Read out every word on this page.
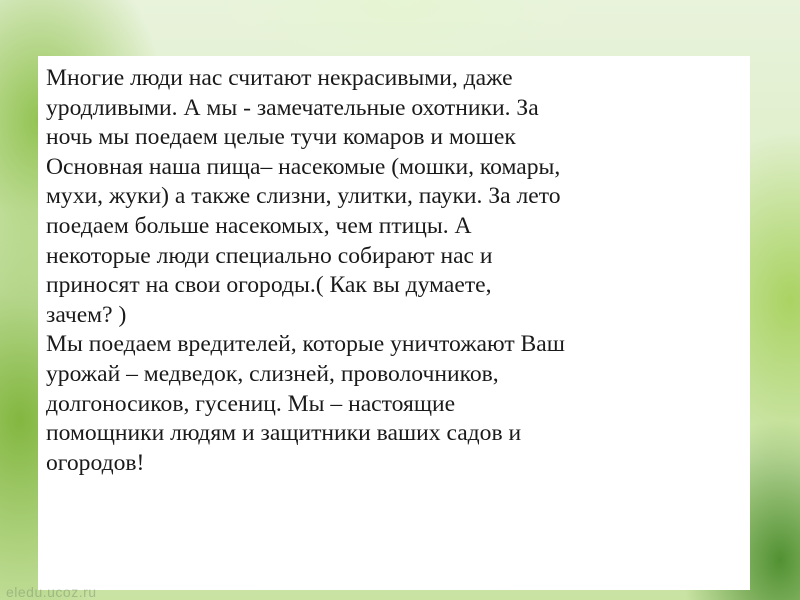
Многие люди нас считают некрасивыми, даже
уродливыми. А мы - замечательные охотники. За
ночь мы поедаем целые тучи комаров и мошек
Основная наша пища– насекомые (мошки, комары,
мухи, жуки) а также слизни, улитки, пауки. За лето
поедаем больше насекомых, чем птицы. А
некоторые люди специально собирают нас и
приносят на свои огороды.( Как вы думаете,
зачем? )
Мы поедаем вредителей, которые уничтожают Ваш
урожай – медведок, слизней, проволочников,
долгоносиков, гусениц. Мы – настоящие
помощники людям и защитники ваших садов и
огородов!

eledu.ucoz.ru
